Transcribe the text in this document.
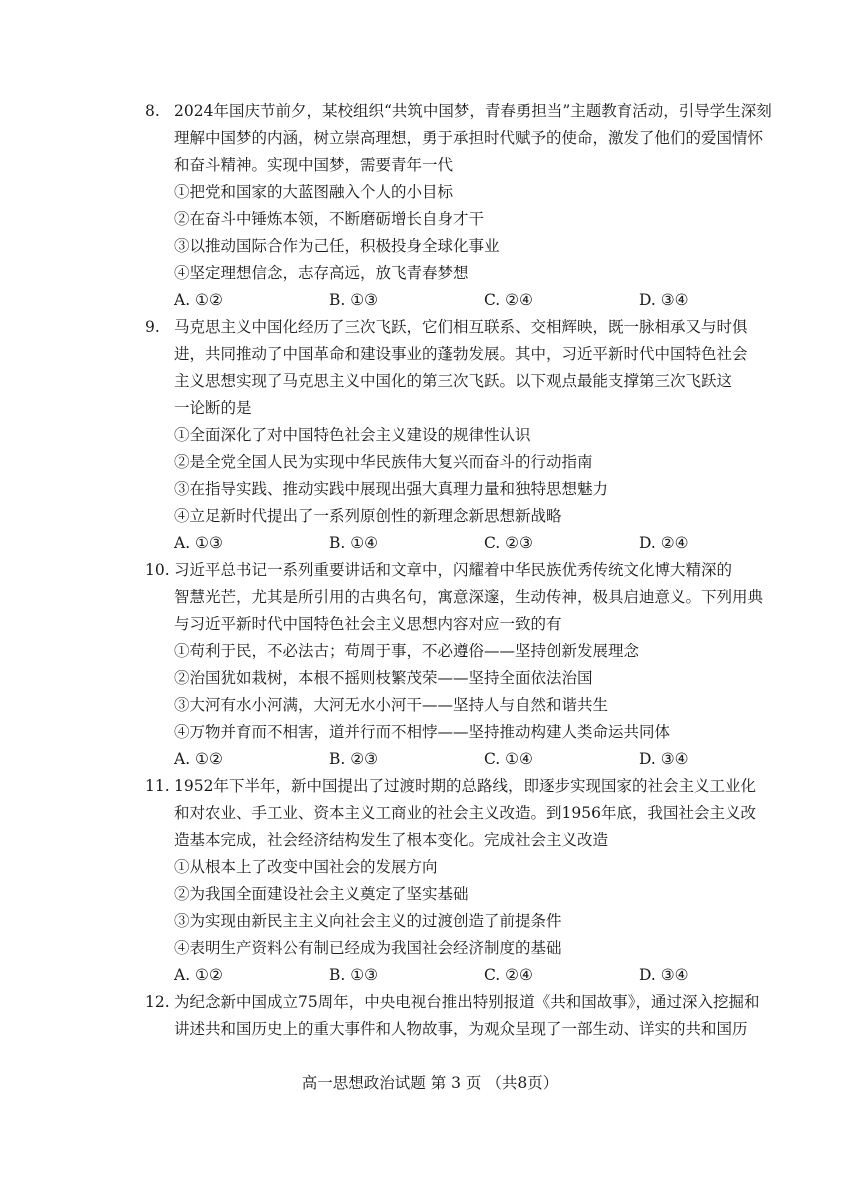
8. 2024年国庆节前夕，某校组织“共筑中国梦，青春勇担当”主题教育活动，引导学生深刻
理解中国梦的内涵，树立崇高理想，勇于承担时代赋予的使命，激发了他们的爱国情怀
和奋斗精神。实现中国梦，需要青年一代
①把党和国家的大蓝图融入个人的小目标
②在奋斗中锤炼本领，不断磨砺增长自身才干
③以推动国际合作为己任，积极投身全球化事业
④坚定理想信念，志存高远，放飞青春梦想
A. ①②	B. ①③	C. ②④	D. ③④
9. 马克思主义中国化经历了三次飞跃，它们相互联系、交相辉映，既一脉相承又与时俱
进，共同推动了中国革命和建设事业的蓬勃发展。其中，习近平新时代中国特色社会
主义思想实现了马克思主义中国化的第三次飞跃。以下观点最能支撑第三次飞跃这
一论断的是
①全面深化了对中国特色社会主义建设的规律性认识
②是全党全国人民为实现中华民族伟大复兴而奋斗的行动指南
③在指导实践、推动实践中展现出强大真理力量和独特思想魅力
④立足新时代提出了一系列原创性的新理念新思想新战略
A. ①③	B. ①④	C. ②③	D. ②④
10. 习近平总书记一系列重要讲话和文章中，闪耀着中华民族优秀传统文化博大精深的
智慧光芒，尤其是所引用的古典名句，寓意深邃，生动传神，极具启迪意义。下列用典
与习近平新时代中国特色社会主义思想内容对应一致的有
①苟利于民，不必法古；苟周于事，不必遵俗——坚持创新发展理念
②治国犹如栽树，本根不摇则枝繁茂荣——坚持全面依法治国
③大河有水小河满，大河无水小河干——坚持人与自然和谐共生
④万物并育而不相害，道并行而不相悖——坚持推动构建人类命运共同体
A. ①②	B. ②③	C. ①④	D. ③④
11. 1952年下半年，新中国提出了过渡时期的总路线，即逐步实现国家的社会主义工业化
和对农业、手工业、资本主义工商业的社会主义改造。到1956年底，我国社会主义改
造基本完成，社会经济结构发生了根本变化。完成社会主义改造
①从根本上了改变中国社会的发展方向
②为我国全面建设社会主义奠定了坚实基础
③为实现由新民主主义向社会主义的过渡创造了前提条件
④表明生产资料公有制已经成为我国社会经济制度的基础
A. ①②	B. ①③	C. ②④	D. ③④
12. 为纪念新中国成立75周年，中央电视台推出特别报道《共和国故事》，通过深入挖掘和
讲述共和国历史上的重大事件和人物故事，为观众呈现了一部生动、详实的共和国历
高一思想政治试题 第 3 页 （共8页）
